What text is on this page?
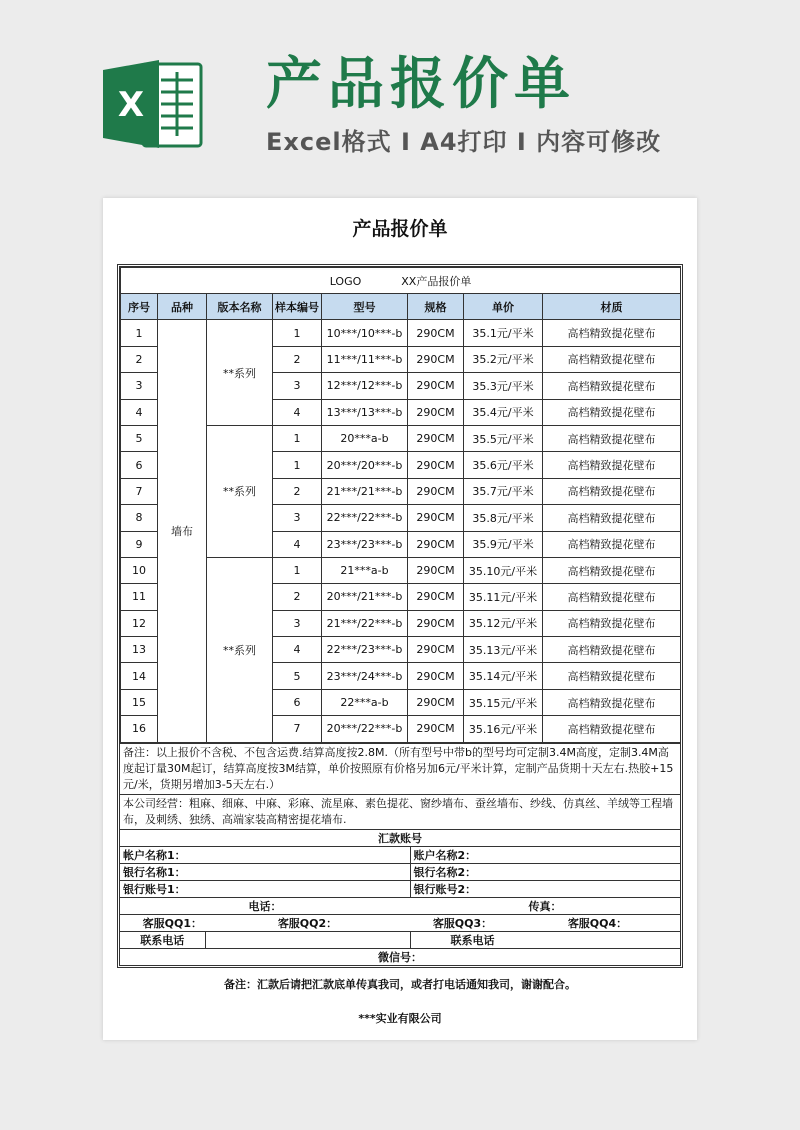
X 产品报价单
Excel格式 I A4打印 I 内容可修改
产品报价单
LOGO XX产品报价单							
序号	品种	版本名称	样本编号	型号	规格	单价	材质
1	墙布	**系列	1	10***/10***-b	290CM	35.1元/平米	高档精致提花壁布
2			2	11***/11***-b	290CM	35.2元/平米	高档精致提花壁布
3			3	12***/12***-b	290CM	35.3元/平米	高档精致提花壁布
4			4	13***/13***-b	290CM	35.4元/平米	高档精致提花壁布
5		**系列	1	20***a-b	290CM	35.5元/平米	高档精致提花壁布
6			1	20***/20***-b	290CM	35.6元/平米	高档精致提花壁布
7			2	21***/21***-b	290CM	35.7元/平米	高档精致提花壁布
8			3	22***/22***-b	290CM	35.8元/平米	高档精致提花壁布
9			4	23***/23***-b	290CM	35.9元/平米	高档精致提花壁布
10		**系列	1	21***a-b	290CM	35.10元/平米	高档精致提花壁布
11			2	20***/21***-b	290CM	35.11元/平米	高档精致提花壁布
12			3	21***/22***-b	290CM	35.12元/平米	高档精致提花壁布
13			4	22***/23***-b	290CM	35.13元/平米	高档精致提花壁布
14			5	23***/24***-b	290CM	35.14元/平米	高档精致提花壁布
15			6	22***a-b	290CM	35.15元/平米	高档精致提花壁布
16			7	20***/22***-b	290CM	35.16元/平米	高档精致提花壁布
备注：以上报价不含税、不包含运费.结算高度按2.8M.（所有型号中带b的型号均可定制3.4M高度，定制3.4M高度起订量30M起订，结算高度按3M结算，单价按照原有价格另加6元/平米计算，定制产品货期十天左右.热胶+15元/米，货期另增加3-5天左右.）
本公司经营：粗麻、细麻、中麻、彩麻、流星麻、素色提花、窗纱墙布、蚕丝墙布、纱线、仿真丝、羊绒等工程墙布，及刺绣、独绣、高端家装高精密提花墙布.
汇款账号			
帐户名称1：		账户名称2：	
银行名称1：		银行名称2：	
银行账号1：		银行账号2：	
电话：		传真：	
客服QQ1：	客服QQ2：	客服QQ3：	客服QQ4：
联系电话		联系电话	
微信号：			
备注：汇款后请把汇款底单传真我司，或者打电话通知我司，谢谢配合。
***实业有限公司
